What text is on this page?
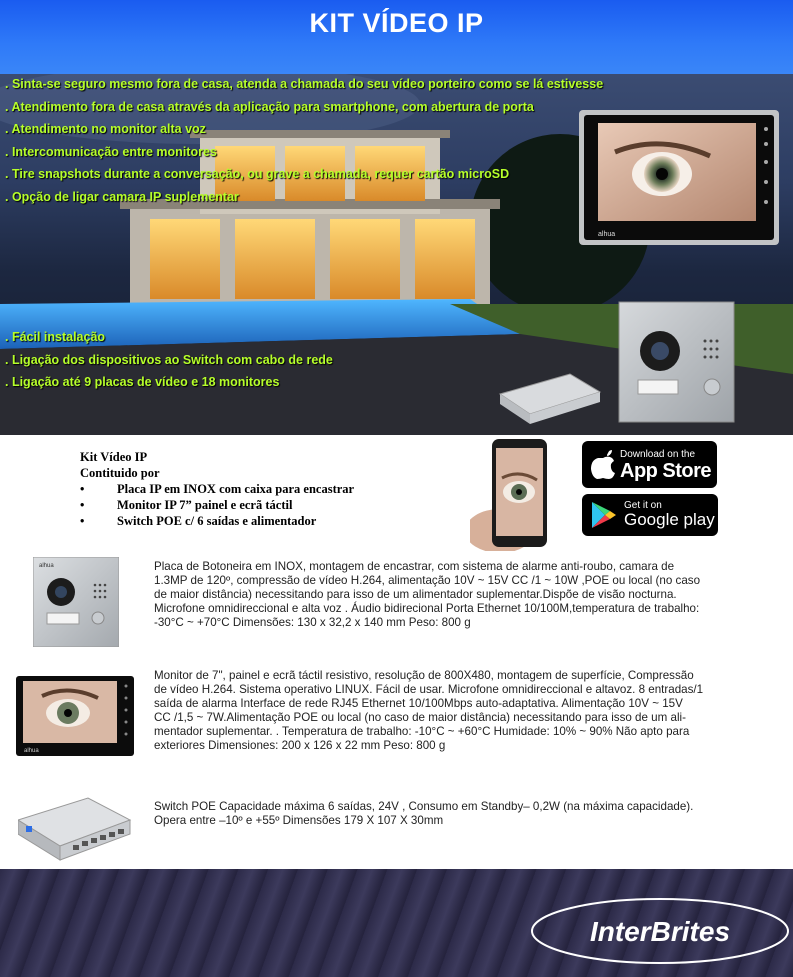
KIT VÍDEO IP
alhua
. Sinta-se seguro mesmo fora de casa, atenda a chamada do seu vídeo porteiro como se lá estivesse
. Atendimento fora de casa através da aplicação para smartphone, com abertura de porta
. Atendimento no monitor alta voz
. Intercomunicação entre monitores
. Tire snapshots durante a conversação, ou grave a chamada, requer cartão microSD
. Opção de ligar camara IP suplementar
. Fácil instalação
. Ligação dos dispositivos ao Switch com cabo de rede
. Ligação até 9 placas de vídeo e 18 monitores
Kit Vídeo IP
Contituido por
• Placa IP em INOX com caixa para encastrar
• Monitor IP 7” painel e ecrã táctil
• Switch POE c/ 6 saídas e alimentador
Download on the
App Store
Get it on
Google play
alhua	Placa de Botoneira em INOX, montagem de encastrar, com sistema de alarme anti-roubo, camara de
1.3MP de 120º, compressão de vídeo H.264, alimentação 10V ~ 15V CC /1 ~ 10W ,POE ou local (no caso
de maior distância) necessitando para isso de um alimentador suplementar.Dispõe de visão nocturna.
Microfone omnidireccional e alta voz . Áudio bidirecional Porta Ethernet 10/100M,temperatura de trabalho:
-30°C ~ +70°C Dimensões: 130 x 32,2 x 140 mm Peso: 800 g
alhua
Monitor de 7", painel e ecrã táctil resistivo, resolução de 800X480, montagem de superfície, Compressão
de vídeo H.264. Sistema operativo LINUX. Fácil de usar. Microfone omnidireccional e altavoz. 8 entradas/1
saída de alarma Interface de rede RJ45 Ethernet 10/100Mbps auto-adaptativa. Alimentação 10V ~ 15V
CC /1,5 ~ 7W.Alimentação POE ou local (no caso de maior distância) necessitando para isso de um ali-
mentador suplementar. . Temperatura de trabalho: -10°C ~ +60°C Humidade: 10% ~ 90% Não apto para
exteriores Dimensiones: 200 x 126 x 22 mm Peso: 800 g
Switch POE Capacidade máxima 6 saídas, 24V , Consumo em Standby– 0,2W (na máxima capacidade).
Opera entre –10º e +55º Dimensões 179 X 107 X 30mm
InterBrites
